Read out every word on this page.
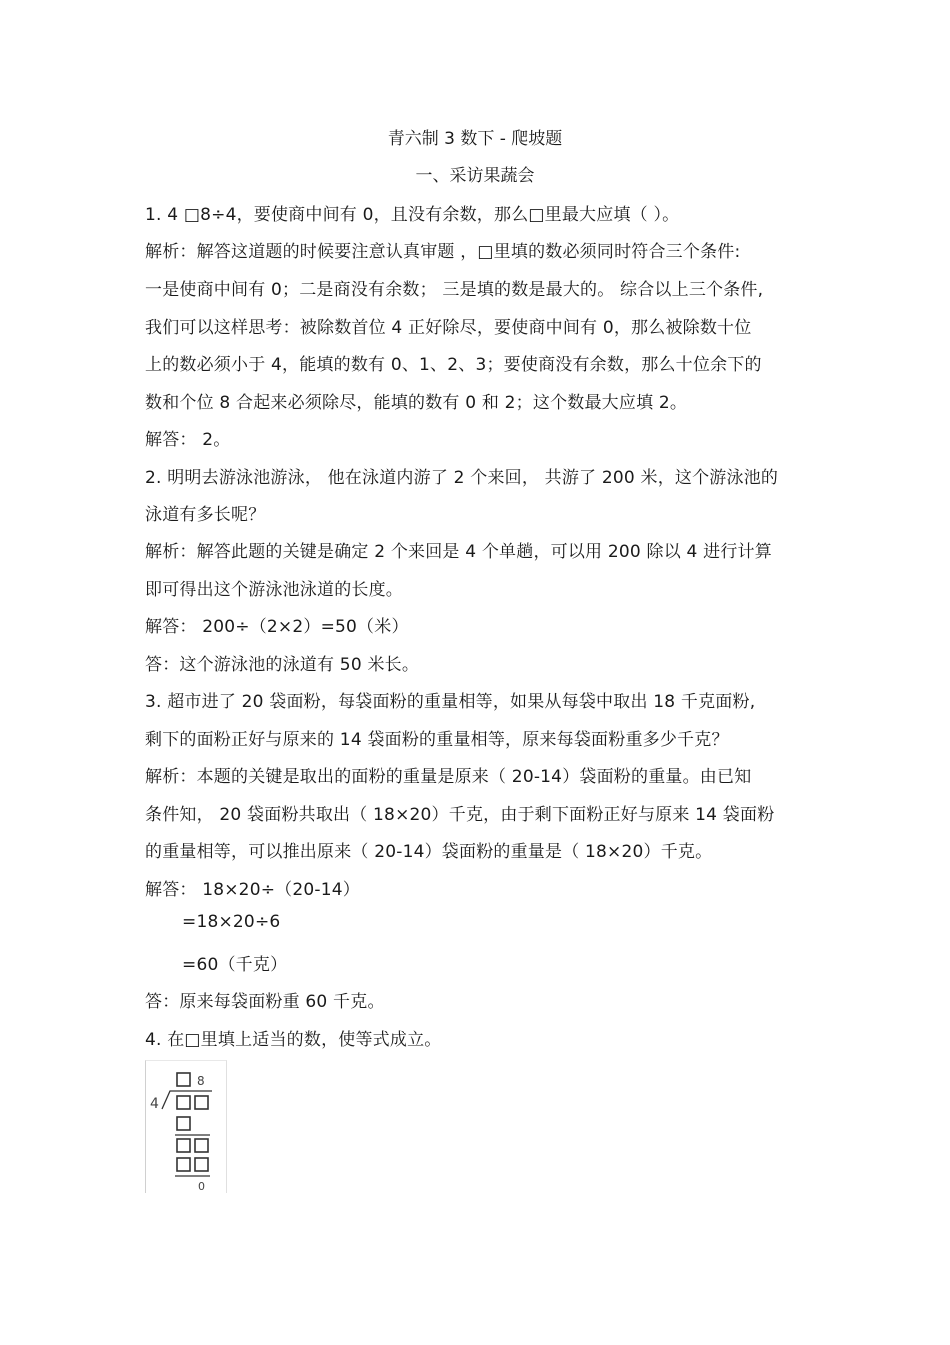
青六制 3 数下 - 爬坡题
一、采访果蔬会
1. 4 □8÷4，要使商中间有 0，且没有余数，那么□里最大应填（ ）。
解析：解答这道题的时候要注意认真审题 ，□里填的数必须同时符合三个条件:
一是使商中间有 0；二是商没有余数； 三是填的数是最大的。 综合以上三个条件,
我们可以这样思考：被除数首位 4 正好除尽，要使商中间有 0，那么被除数十位
上的数必须小于 4，能填的数有 0、1、2、3；要使商没有余数，那么十位余下的
数和个位 8 合起来必须除尽，能填的数有 0 和 2；这个数最大应填 2。
解答： 2。
2. 明明去游泳池游泳， 他在泳道内游了 2 个来回， 共游了 200 米，这个游泳池的
泳道有多长呢？
解析：解答此题的关键是确定 2 个来回是 4 个单趟，可以用 200 除以 4 进行计算
即可得出这个游泳池泳道的长度。
解答： 200÷（2×2）=50（米）
答：这个游泳池的泳道有 50 米长。
3. 超市进了 20 袋面粉，每袋面粉的重量相等，如果从每袋中取出 18 千克面粉,
剩下的面粉正好与原来的 14 袋面粉的重量相等，原来每袋面粉重多少千克？
解析：本题的关键是取出的面粉的重量是原来（ 20-14）袋面粉的重量。由已知
条件知， 20 袋面粉共取出（ 18×20）千克，由于剩下面粉正好与原来 14 袋面粉
的重量相等，可以推出原来（ 20-14）袋面粉的重量是（ 18×20）千克。
解答： 18×20÷（20-14）
=18×20÷6
=60（千克）
答：原来每袋面粉重 60 千克。
4. 在□里填上适当的数，使等式成立。
8
4
0
